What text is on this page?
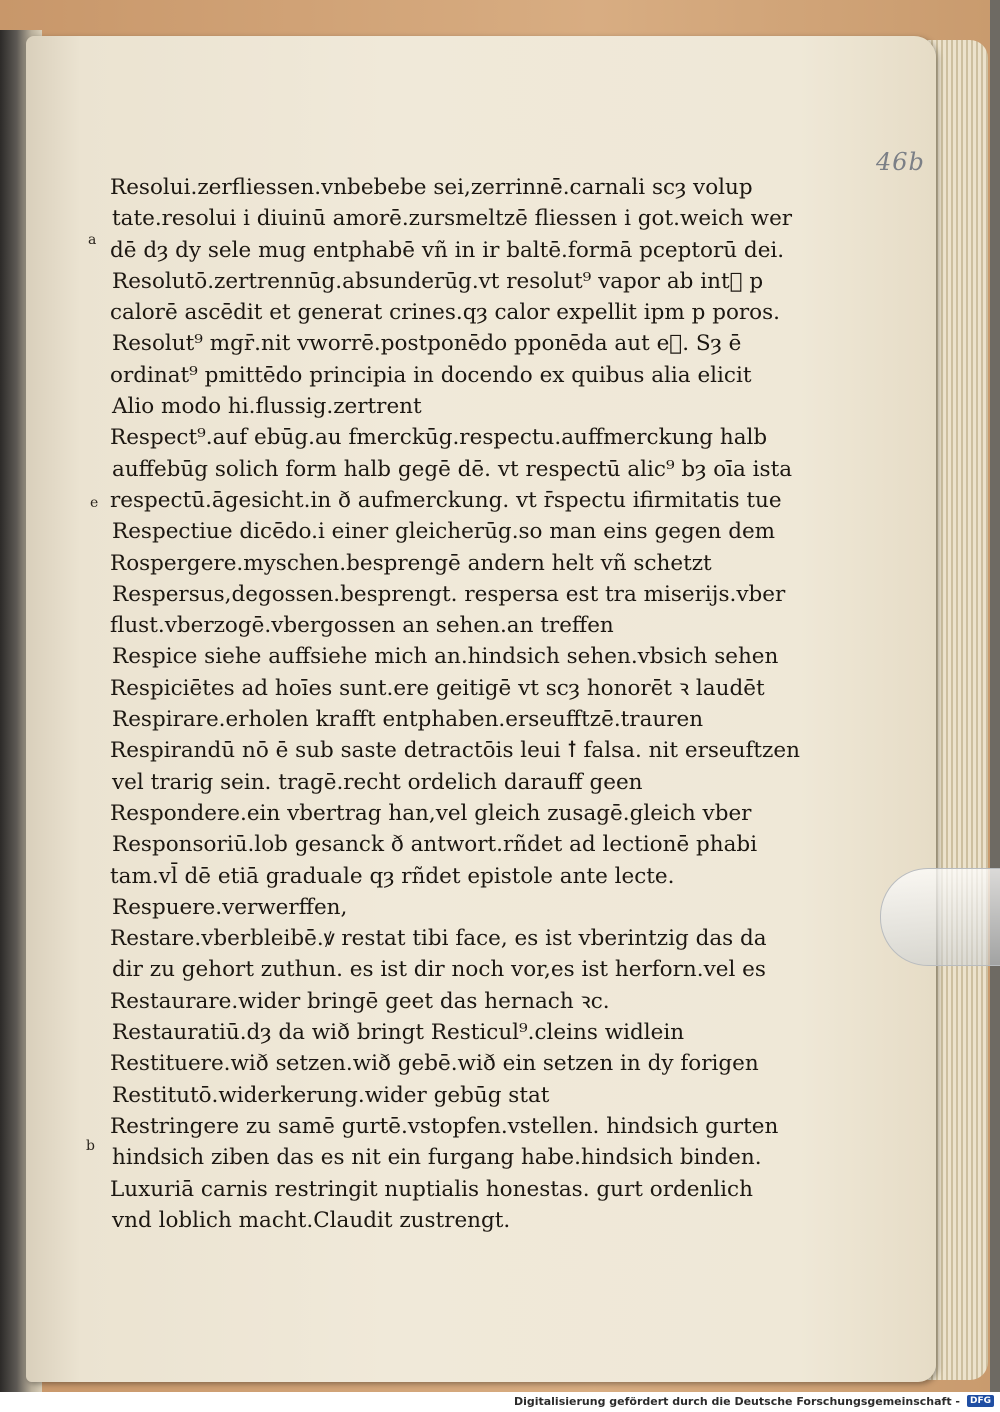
46b
a
e
b
Resolui.zerfliessen.vnbebebe sei,zerrinnē.carnali scȝ volup
tate.resolui i diuinū amorē.zursmeltzē fliessen i got.weich wer
dē dȝ dy sele mug entphabē vñ in ir baltē.formā pceptorū dei.
Resolutō.zertrennūg.absunderūg.vt resolut⁹ vapor ab intᷓ p
calorē ascēdit et generat crines.qȝ calor expellit ipm p poros.
Resolut⁹ mgr̄.nit vworrē.postponēdo pponēda aut eᷓ. Sȝ ē
ordinat⁹ pmittēdo principia in docendo ex quibus alia elicit
Alio modo hi.flussig.zertrent
Respect⁹.auf ebūg.au fmerckūg.respectu.auffmerckung halb
auffebūg solich form halb gegē dē. vt respectū alic⁹ bȝ oīa ista
respectū.āgesicht.in ð aufmerckung. vt r̄spectu ifirmitatis tue
Respectiue dicēdo.i einer gleicherūg.so man eins gegen dem
Rospergere.myschen.besprengē andern helt vñ schetzt
Respersus,degossen.besprengt. respersa est tra miserijs.vber
flust.vberzogē.vbergossen an sehen.an treffen
Respice siehe auffsiehe mich an.hindsich sehen.vbsich sehen
Respiciētes ad hoīes sunt.ere geitigē vt scȝ honorēt ꝛ laudēt
Respirare.erholen krafft entphaben.erseufftzē.trauren
Respirandū nō ē sub saste detractōis leui ꝉ falsa. nit erseuftzen
vel trarig sein. tragē.recht ordelich darauff geen
Respondere.ein vbertrag han,vel gleich zusagē.gleich vber
Responsoriū.lob gesanck ð antwort.rñdet ad lectionē phabi
tam.vl̄ dē etiā graduale qȝ rñdet epistole ante lecte.
Respuere.verwerffen,
Restare.vberbleibē.ꝟ restat tibi face, es ist vberintzig das da
dir zu gehort zuthun. es ist dir noch vor,es ist herforn.vel es
Restaurare.wider bringē geet das hernach ꝛc.
Restauratiū.dȝ da wið bringt Resticul⁹.cleins widlein
Restituere.wið setzen.wið gebē.wið ein setzen in dy forigen
Restitutō.widerkerung.wider gebūg stat
Restringere zu samē gurtē.vstopfen.vstellen. hindsich gurten
hindsich ziben das es nit ein furgang habe.hindsich binden.
Luxuriā carnis restringit nuptialis honestas. gurt ordenlich
vnd loblich macht.Claudit zustrengt.
Digitalisierung gefördert durch die Deutsche Forschungsgemeinschaft -	DFG
